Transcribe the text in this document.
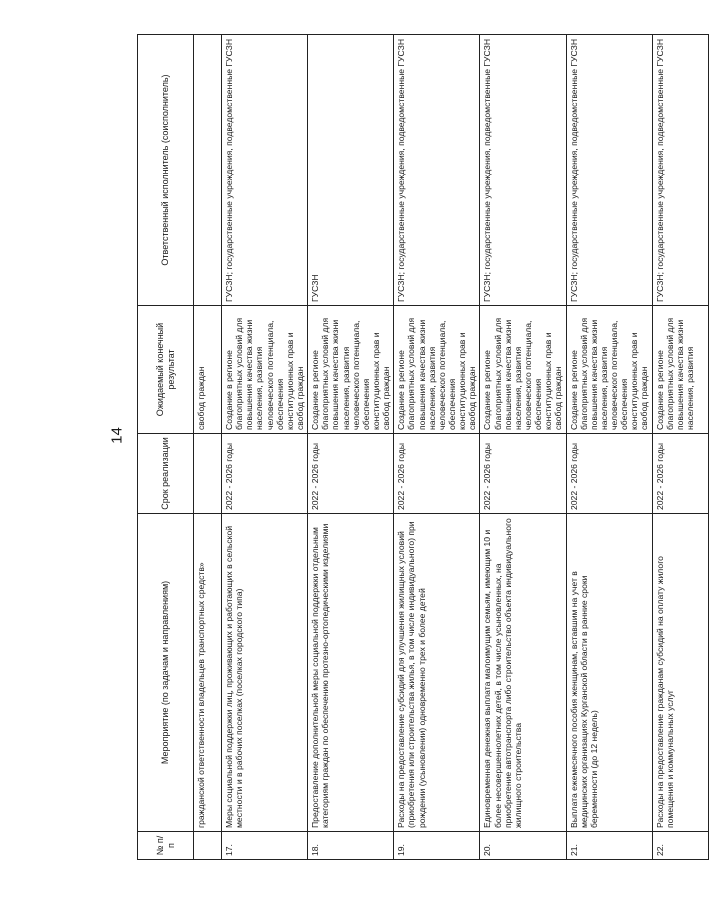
14
№ п/п	Мероприятие (по задачам и направлениям)	Срок реализации	Ожидаемый конечный результат	Ответственный исполнитель (соисполнитель)
	гражданской ответственности владельцев транспортных средств»		свобод граждан	
17.	Меры социальной поддержки лиц, проживающих и работающих в сельской местности и в рабочих поселках (поселках городского типа)	2022 - 2026 годы	Создание в регионе благоприятных условий для повышения качества жизни населения, развития человеческого потенциала, обеспечения конституционных прав и свобод граждан	ГУСЗН; государственные учреждения, подведомственные ГУСЗН
18.	Предоставление дополнительной меры социальной поддержки отдельным категориям граждан по обеспечению протезно-ортопедическими изделиями	2022 - 2026 годы	Создание в регионе благоприятных условий для повышения качества жизни населения, развития человеческого потенциала, обеспечения конституционных прав и свобод граждан	ГУСЗН
19.	Расходы на предоставление субсидий для улучшения жилищных условий (приобретения или строительства жилья, в том числе индивидуального) при рождении (усыновлении) одновременно трех и более детей	2022 - 2026 годы	Создание в регионе благоприятных условий для повышения качества жизни населения, развития человеческого потенциала, обеспечения конституционных прав и свобод граждан	ГУСЗН; государственные учреждения, подведомственные ГУСЗН
20.	Единовременная денежная выплата малоимущим семьям, имеющим 10 и более несовершеннолетних детей, в том числе усыновленных, на приобретение автотранспорта либо строительство объекта индивидуального жилищного строительства	2022 - 2026 годы	Создание в регионе благоприятных условий для повышения качества жизни населения, развития человеческого потенциала, обеспечения конституционных прав и свобод граждан	ГУСЗН; государственные учреждения, подведомственные ГУСЗН
21.	Выплата ежемесячного пособия женщинам, вставшим на учет в медицинских организациях Курганской области в ранние сроки беременности (до 12 недель)	2022 - 2026 годы	Создание в регионе благоприятных условий для повышения качества жизни населения, развития человеческого потенциала, обеспечения конституционных прав и свобод граждан	ГУСЗН; государственные учреждения, подведомственные ГУСЗН
22.	Расходы на предоставление гражданам субсидий на оплату жилого помещения и коммунальных услуг	2022 - 2026 годы	Создание в регионе благоприятных условий для повышения качества жизни населения, развития	ГУСЗН; государственные учреждения, подведомственные ГУСЗН
